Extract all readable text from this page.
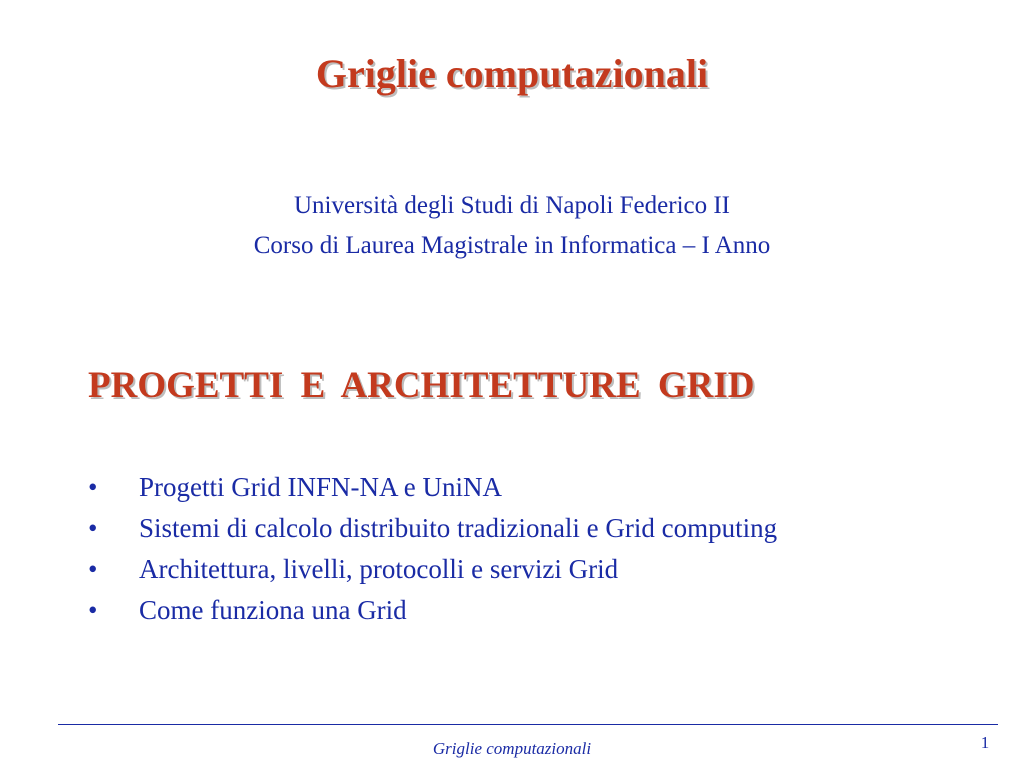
Griglie computazionali
Università degli Studi di Napoli Federico II
Corso di Laurea Magistrale in Informatica – I Anno
PROGETTI E ARCHITETTURE GRID
•	Progetti Grid INFN-NA e UniNA
•	Sistemi di calcolo distribuito tradizionali e Grid computing
•	Architettura, livelli, protocolli e servizi Grid
•	Come funziona una Grid
Griglie computazionali	1
